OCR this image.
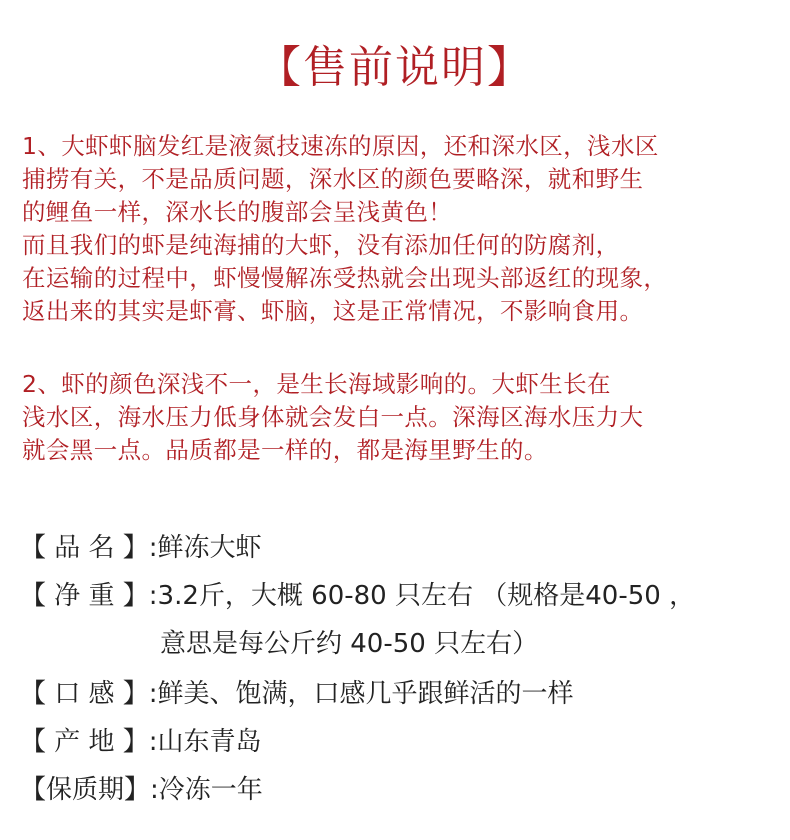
【售前说明】
1、大虾虾脑发红是液氮技速冻的原因，还和深水区，浅水区
捕捞有关，不是品质问题，深水区的颜色要略深，就和野生
的鲤鱼一样，深水长的腹部会呈浅黄色！
而且我们的虾是纯海捕的大虾，没有添加任何的防腐剂，
在运输的过程中，虾慢慢解冻受热就会出现头部返红的现象，
返出来的其实是虾膏、虾脑，这是正常情况，不影响食用。
2、虾的颜色深浅不一，是生长海域影响的。大虾生长在
浅水区，海水压力低身体就会发白一点。深海区海水压力大
就会黑一点。品质都是一样的，都是海里野生的。
【 品 名 】:鲜冻大虾
【 净 重 】:3.2斤，大概 60-80 只左右 （规格是40-50 ，
意思是每公斤约 40-50 只左右）
【 口 感 】:鲜美、饱满，口感几乎跟鲜活的一样
【 产 地 】:山东青岛
【保质期】:冷冻一年
